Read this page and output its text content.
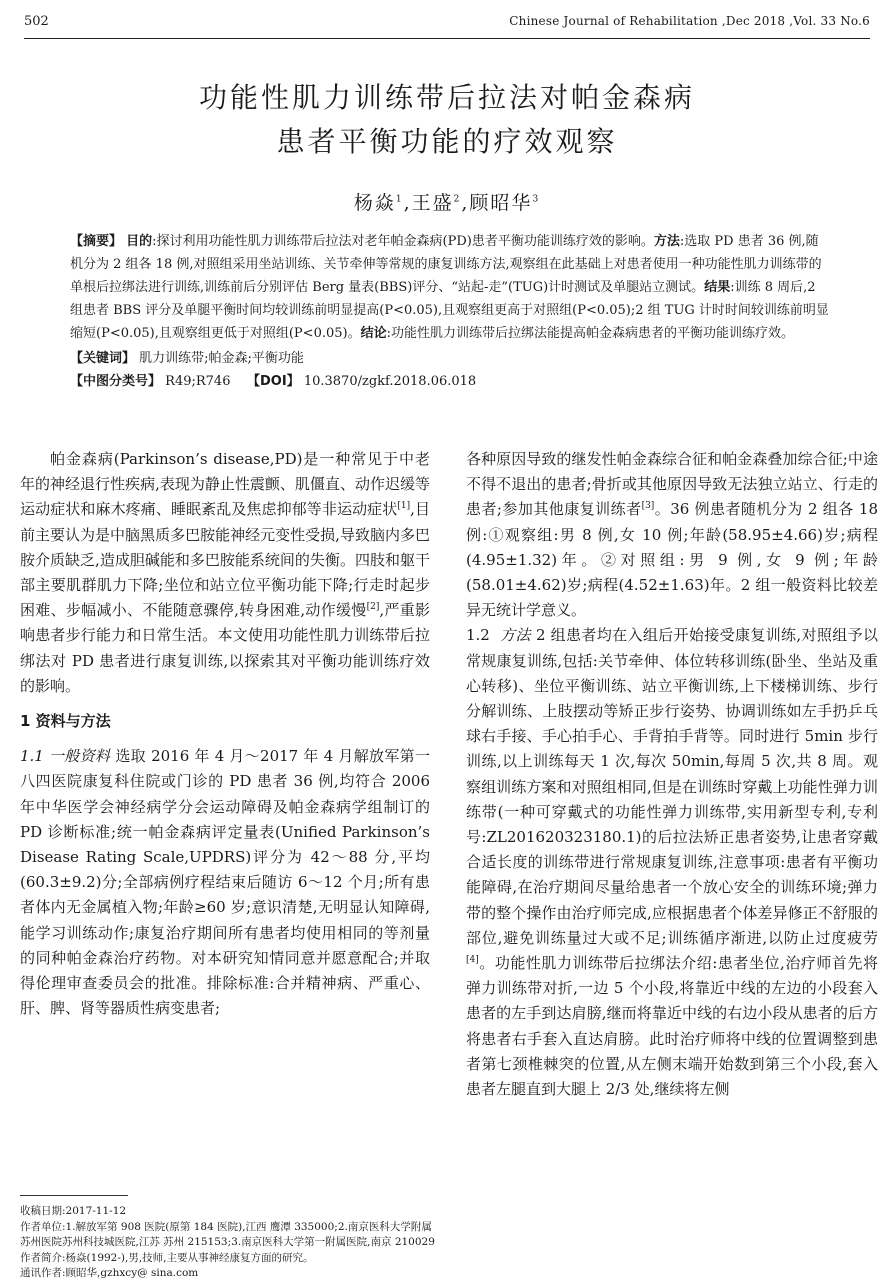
502	Chinese Journal of Rehabilitation ,Dec 2018 ,Vol. 33 No.6
功能性肌力训练带后拉法对帕金森病
患者平衡功能的疗效观察
杨焱$^1$,王盛$^2$,顾昭华$^3$
【摘要】 目的:探讨利用功能性肌力训练带后拉法对老年帕金森病(PD)患者平衡功能训练疗效的影响。方法:选取 PD 患者 36 例,随机分为 2 组各 18 例,对照组采用坐站训练、关节牵伸等常规的康复训练方法,观察组在此基础上对患者使用一种功能性肌力训练带的单根后拉绑法进行训练,训练前后分别评估 Berg 量表(BBS)评分、“站起-走”(TUG)计时测试及单腿站立测试。结果:训练 8 周后,2 组患者 BBS 评分及单腿平衡时间均较训练前明显提高(P<0.05),且观察组更高于对照组(P<0.05);2 组 TUG 计时时间较训练前明显缩短(P<0.05),且观察组更低于对照组(P<0.05)。结论:功能性肌力训练带后拉绑法能提高帕金森病患者的平衡功能训练疗效。
【关键词】 肌力训练带;帕金森;平衡功能
【中图分类号】 R49;R746 【DOI】 10.3870/zgkf.2018.06.018

帕金森病(Parkinson’s disease,PD)是一种常见于中老年的神经退行性疾病,表现为静止性震颤、肌僵直、动作迟缓等运动症状和麻木疼痛、睡眠紊乱及焦虑抑郁等非运动症状[1],目前主要认为是中脑黑质多巴胺能神经元变性受损,导致脑内多巴胺介质缺乏,造成胆碱能和多巴胺能系统间的失衡。四肢和躯干部主要肌群肌力下降;坐位和站立位平衡功能下降;行走时起步困难、步幅减小、不能随意骤停,转身困难,动作缓慢[2],严重影响患者步行能力和日常生活。本文使用功能性肌力训练带后拉绑法对 PD 患者进行康复训练,以探索其对平衡功能训练疗效的影响。

1 资料与方法

1.1 一般资料 选取 2016 年 4 月～2017 年 4 月解放军第一八四医院康复科住院或门诊的 PD 患者 36 例,均符合 2006 年中华医学会神经病学分会运动障碍及帕金森病学组制订的 PD 诊断标准;统一帕金森病评定量表(Unified Parkinson’s Disease Rating Scale,UPDRS)评分为 42～88 分,平均(60.3±9.2)分;全部病例疗程结束后随访 6～12 个月;所有患者体内无金属植入物;年龄≥60 岁;意识清楚,无明显认知障碍,能学习训练动作;康复治疗期间所有患者均使用相同的等剂量的同种帕金森治疗药物。对本研究知情同意并愿意配合;并取得伦理审查委员会的批准。排除标准:合并精神病、严重心、肝、脾、肾等器质性病变患者;

各种原因导致的继发性帕金森综合征和帕金森叠加综合征;中途不得不退出的患者;骨折或其他原因导致无法独立站立、行走的患者;参加其他康复训练者[3]。36 例患者随机分为 2 组各 18 例:①观察组:男 8 例,女 10 例;年龄(58.95±4.66)岁;病程(4.95±1.32)年。②对照组:男 9 例,女 9 例;年龄(58.01±4.62)岁;病程(4.52±1.63)年。2 组一般资料比较差异无统计学意义。

1.2 方法 2 组患者均在入组后开始接受康复训练,对照组予以常规康复训练,包括:关节牵伸、体位转移训练(卧坐、坐站及重心转移)、坐位平衡训练、站立平衡训练,上下楼梯训练、步行分解训练、上肢摆动等矫正步行姿势、协调训练如左手扔乒乓球右手接、手心拍手心、手背拍手背等。同时进行 5min 步行训练,以上训练每天 1 次,每次 50min,每周 5 次,共 8 周。观察组训练方案和对照组相同,但是在训练时穿戴上功能性弹力训练带(一种可穿戴式的功能性弹力训练带,实用新型专利,专利号:ZL201620323180.1)的后拉法矫正患者姿势,让患者穿戴合适长度的训练带进行常规康复训练,注意事项:患者有平衡功能障碍,在治疗期间尽量给患者一个放心安全的训练环境;弹力带的整个操作由治疗师完成,应根据患者个体差异修正不舒服的部位,避免训练量过大或不足;训练循序渐进,以防止过度疲劳[4]。功能性肌力训练带后拉绑法介绍:患者坐位,治疗师首先将弹力训练带对折,一边 5 个小段,将靠近中线的左边的小段套入患者的左手到达肩膀,继而将靠近中线的右边小段从患者的后方将患者右手套入直达肩膀。此时治疗师将中线的位置调整到患者第七颈椎棘突的位置,从左侧末端开始数到第三个小段,套入患者左腿直到大腿上 2/3 处,继续将左侧

收稿日期:2017-11-12
作者单位:1.解放军第 908 医院(原第 184 医院),江西 鹰潭 335000;2.南京医科大学附属苏州医院苏州科技城医院,江苏 苏州 215153;3.南京医科大学第一附属医院,南京 210029
作者简介:杨焱(1992-),男,技师,主要从事神经康复方面的研究。
通讯作者:顾昭华,gzhxcy@ sina.com
